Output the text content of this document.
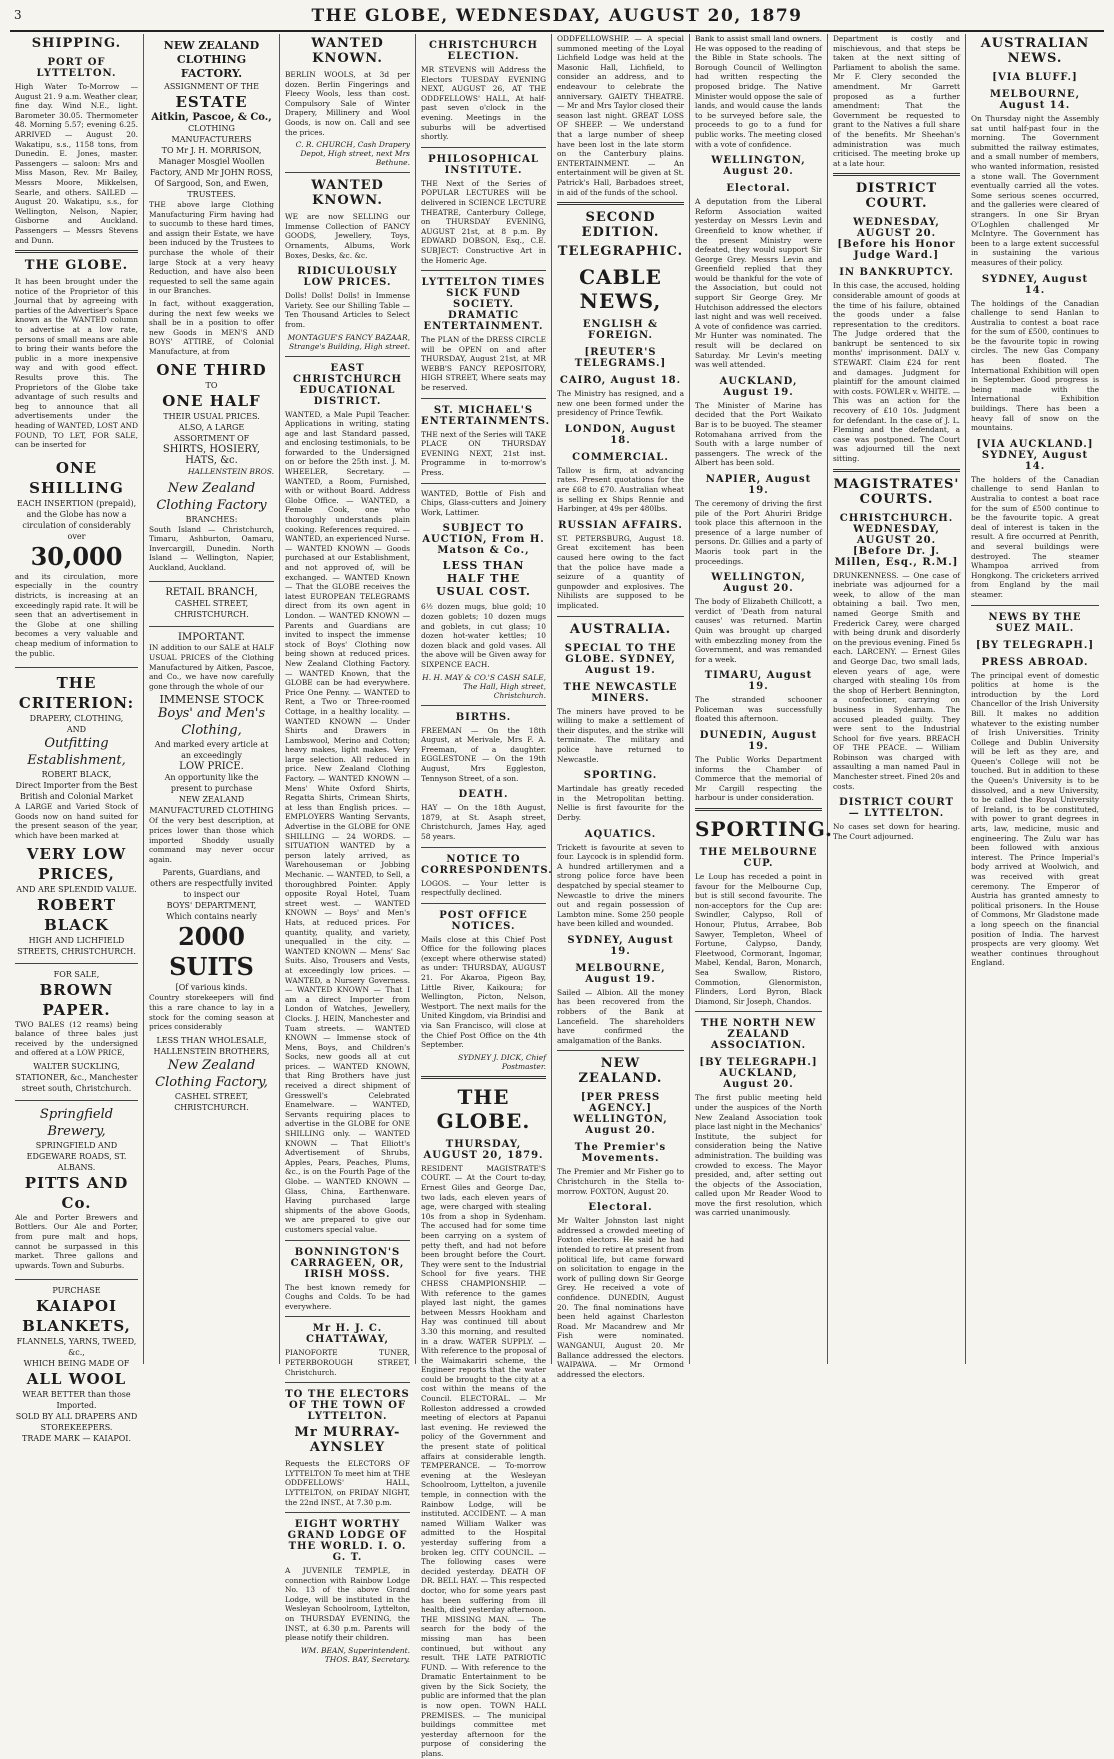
3	THE GLOBE, WEDNESDAY, AUGUST 20, 1879
SHIPPING.
PORT OF LYTTELTON.

High Water To-Morrow — August 21. 9 a.m. Weather clear, fine day. Wind N.E., light. Barometer 30.05. Thermometer 48. Morning 5.57; evening 6.25. ARRIVED — August 20. Wakatipu, s.s., 1158 tons, from Dunedin. E. Jones, master. Passengers — saloon: Mrs and Miss Mason, Rev. Mr Bailey, Messrs Moore, Mikkelsen, Searle, and others. SAILED — August 20. Wakatipu, s.s., for Wellington, Nelson, Napier, Gisborne and Auckland. Passengers — Messrs Stevens and Dunn.

THE GLOBE.

It has been brought under the notice of the Proprietor of this Journal that by agreeing with parties of the Advertiser's Space known as the WANTED column to advertise at a low rate, persons of small means are able to bring their wants before the public in a more inexpensive way and with good effect. Results prove this. The Proprietors of the Globe take advantage of such results and beg to announce that all advertisements under the heading of WANTED, LOST AND FOUND, TO LET, FOR SALE, can be inserted for

ONE SHILLING
EACH INSERTION (prepaid), and the Globe has now a circulation of considerably over
30,000

and its circulation, more especially in the country districts, is increasing at an exceedingly rapid rate. It will be seen that an advertisement in the Globe at one shilling becomes a very valuable and cheap medium of information to the public.

THE CRITERION:
DRAPERY, CLOTHING,
AND
Outfitting Establishment,
ROBERT BLACK,
Direct Importer from the Best British and Colonial Market

A LARGE and Varied Stock of Goods now on hand suited for the present season of the year, which have been marked at

VERY LOW PRICES,
AND ARE SPLENDID VALUE.
ROBERT BLACK
HIGH AND LICHFIELD STREETS, CHRISTCHURCH.
FOR SALE,
BROWN PAPER.

TWO BALES (12 reams) being balance of three bales just received by the undersigned and offered at a LOW PRICE,

WALTER SUCKLING,
STATIONER, &c., Manchester street south, Christchurch.
Springfield Brewery,
SPRINGFIELD AND EDGEWARE ROADS, ST. ALBANS.
PITTS AND Co.

Ale and Porter Brewers and Bottlers. Our Ale and Porter, from pure malt and hops, cannot be surpassed in this market. Three gallons and upwards. Town and Suburbs.

PURCHASE
KAIAPOI BLANKETS,
FLANNELS, YARNS, TWEED, &c.,
WHICH BEING MADE OF
ALL WOOL
WEAR BETTER than those Imported.
SOLD BY ALL DRAPERS AND STOREKEEPERS.
TRADE MARK — KAIAPOI.
NEW ZEALAND CLOTHING FACTORY.
ASSIGNMENT OF THE
ESTATE
Aitkin, Pascoe, & Co.,
CLOTHING MANUFACTURERS
TO Mr J. H. MORRISON, Manager Mosgiel Woollen Factory, AND Mr JOHN ROSS, Of Sargood, Son, and Ewen, TRUSTEES.

THE above large Clothing Manufacturing Firm having had to succumb to these hard times, and assign their Estate, we have been induced by the Trustees to purchase the whole of their large Stock at a very heavy Reduction, and have also been requested to sell the same again in our Branches.

In fact, without exaggeration, during the next few weeks we shall be in a position to offer new Goods in MEN'S AND BOYS' ATTIRE, of Colonial Manufacture, at from

ONE THIRD
TO
ONE HALF
THEIR USUAL PRICES.
ALSO, A LARGE ASSORTMENT OF
SHIRTS, HOSIERY, HATS, &c.
HALLENSTEIN BROS.
New Zealand Clothing Factory
BRANCHES:

South Island — Christchurch, Timaru, Ashburton, Oamaru, Invercargill, Dunedin. North Island — Wellington, Napier, Auckland, Auckland.

RETAIL BRANCH,
CASHEL STREET, CHRISTCHURCH.
IMPORTANT.

IN addition to our SALE at HALF USUAL PRICES of the Clothing Manufactured by Aitken, Pascoe, and Co., we have now carefully gone through the whole of our

IMMENSE STOCK
Boys' and Men's Clothing,
And marked every article at an exceedingly
LOW PRICE.
An opportunity like the present to purchase
NEW ZEALAND MANUFACTURED CLOTHING

Of the very best description, at prices lower than those which imported Shoddy usually command may never occur again.

Parents, Guardians, and others are respectfully invited to inspect our
BOYS' DEPARTMENT,
Which contains nearly
2000 SUITS
[Of various kinds.

Country storekeepers will find this a rare chance to lay in a stock for the coming season at prices considerably

LESS THAN WHOLESALE,
HALLENSTEIN BROTHERS,
New Zealand Clothing Factory,
CASHEL STREET, CHRISTCHURCH.
WANTED KNOWN.

BERLIN WOOLS, at 3d per dozen. Berlin Fingerings and Fleecy Wools, less than cost. Compulsory Sale of Winter Drapery, Millinery and Wool Goods, is now on. Call and see the prices.

C. R. CHURCH, Cash Drapery Depot, High street, next Mrs Bethune.
WANTED KNOWN.

WE are now SELLING our Immense Collection of FANCY GOODS, Jewellery, Toys, Ornaments, Albums, Work Boxes, Desks, &c. &c.

RIDICULOUSLY LOW PRICES.

Dolls! Dolls! Dolls! in Immense Variety. See our Shilling Table — Ten Thousand Articles to Select from.

MONTAGUE'S FANCY BAZAAR, Strange's Building, High street.
EAST CHRISTCHURCH EDUCATIONAL DISTRICT.

WANTED, a Male Pupil Teacher. Applications in writing, stating age and last Standard passed, and enclosing testimonials, to be forwarded to the Undersigned on or before the 25th inst. J. M. WHEELER, Secretary. — WANTED, a Room, Furnished, with or without Board. Address Globe Office. — WANTED, a Female Cook, one who thoroughly understands plain cooking. References required. — WANTED, an experienced Nurse. — WANTED KNOWN — Goods purchased at our Establishment, and not approved of, will be exchanged. — WANTED Known — That the GLOBE receives the latest EUROPEAN TELEGRAMS direct from its own agent in London. — WANTED KNOWN — Parents and Guardians are invited to inspect the immense stock of Boys' Clothing now being shown at reduced prices. New Zealand Clothing Factory. — WANTED Known, that the GLOBE can be had everywhere. Price One Penny. — WANTED to Rent, a Two or Three-roomed Cottage, in a healthy locality. — WANTED KNOWN — Under Shirts and Drawers in Lambswool, Merino and Cotton; heavy makes, light makes. Very large selection. All reduced in price. New Zealand Clothing Factory. — WANTED KNOWN — Mens' White Oxford Shirts, Regatta Shirts, Crimean Shirts, at less than English prices. — EMPLOYERS Wanting Servants, Advertise in the GLOBE for ONE SHILLING — 24 WORDS. — SITUATION WANTED by a person lately arrived, as Warehouseman or Jobbing Mechanic. — WANTED, to Sell, a thoroughbred Pointer. Apply opposite Royal Hotel, Tuam street west. — WANTED KNOWN — Boys' and Men's Hats, at reduced prices. For quantity, quality, and variety, unequalled in the city. — WANTED KNOWN — Mens' Sac Suits. Also, Trousers and Vests, at exceedingly low prices. — WANTED, a Nursery Governess. — WANTED KNOWN — That I am a direct Importer from London of Watches, Jewellery, Clocks. J. HEIN, Manchester and Tuam streets. — WANTED KNOWN — Immense stock of Mens, Boys, and Children's Socks, new goods all at cut prices. — WANTED KNOWN, that Ring Brothers have just received a direct shipment of Gresswell's Celebrated Enamelware. — WANTED, Servants requiring places to advertise in the GLOBE for ONE SHILLING only. — WANTED KNOWN — That Elliott's Advertisement of Shrubs, Apples, Pears, Peaches, Plums, &c., is on the Fourth Page of the Globe. — WANTED KNOWN — Glass, China, Earthenware. Having purchased large shipments of the above Goods, we are prepared to give our customers special value.

BONNINGTON'S CARRAGEEN, OR, IRISH MOSS.

The best known remedy for Coughs and Colds. To be had everywhere.

Mr H. J. C. CHATTAWAY,

PIANOFORTE TUNER, PETERBOROUGH STREET, Christchurch.

TO THE ELECTORS OF THE TOWN OF LYTTELTON.
Mr MURRAY-AYNSLEY

Requests the ELECTORS OF LYTTELTON To meet him at THE ODDFELLOWS' HALL, LYTTELTON, on FRIDAY NIGHT, the 22nd INST., At 7.30 p.m.

EIGHT WORTHY GRAND LODGE OF THE WORLD. I. O. G. T.

A JUVENILE TEMPLE, in connection with Rainbow Lodge No. 13 of the above Grand Lodge, will be instituted in the Wesleyan Schoolroom, Lyttelton, on THURSDAY EVENING, the INST., at 6.30 p.m. Parents will please notify their children.

WM. BEAN, Superintendent. THOS. BAY, Secretary.
CHRISTCHURCH ELECTION.

MR STEVENS will Address the Electors TUESDAY EVENING NEXT, AUGUST 26, AT THE ODDFELLOWS' HALL, At half-past seven o'clock in the evening. Meetings in the suburbs will be advertised shortly.

PHILOSOPHICAL INSTITUTE.

THE Next of the Series of POPULAR LECTURES will be delivered in SCIENCE LECTURE THEATRE, Canterbury College, on THURSDAY EVENING, AUGUST 21st, at 8 p.m. By EDWARD DOBSON, Esq., C.E. SUBJECT: Constructive Art in the Homeric Age.

LYTTELTON TIMES SICK FUND SOCIETY. DRAMATIC ENTERTAINMENT.

The PLAN of the DRESS CIRCLE will be OPEN on and after THURSDAY, August 21st, at MR WEBB'S FANCY REPOSITORY, HIGH STREET, Where seats may be reserved.

ST. MICHAEL'S ENTERTAINMENTS.

THE next of the Series will TAKE PLACE ON THURSDAY EVENING NEXT, 21st inst. Programme in to-morrow's Press.

WANTED, Bottle of Fish and Chips, Glass-cutters and Joinery Work, Lattimer.

SUBJECT TO AUCTION, From H. Matson & Co.,
LESS THAN HALF THE USUAL COST.

6½ dozen mugs, blue gold; 10 dozen goblets; 10 dozen mugs and goblets, in cut glass; 10 dozen hot-water kettles; 10 dozen black and gold vases. All the above will be Given away for SIXPENCE EACH.

H. H. MAY & CO.'S CASH SALE, The Hall, High street, Christchurch.
BIRTHS.

FREEMAN — On the 18th August, at Merivale, Mrs F. A. Freeman, of a daughter. EGGLESTONE — On the 19th August, Mrs Eggleston, Tennyson Street, of a son.

DEATH.

HAY — On the 18th August, 1879, at St. Asaph street, Christchurch, James Hay, aged 58 years.

NOTICE TO CORRESPONDENTS.

LOGOS. — Your letter is respectfully declined.

POST OFFICE NOTICES.

Mails close at this Chief Post Office for the following places (except where otherwise stated) as under: THURSDAY, AUGUST 21. For Akaroa, Pigeon Bay, Little River, Kaikoura; for Wellington, Picton, Nelson, Westport. The next mails for the United Kingdom, via Brindisi and via San Francisco, will close at the Chief Post Office on the 4th September.

SYDNEY J. DICK, Chief Postmaster.
THE GLOBE.
THURSDAY, AUGUST 20, 1879.

RESIDENT MAGISTRATE'S COURT. — At the Court to-day, Ernest Giles and George Dac, two lads, each eleven years of age, were charged with stealing 10s from a shop in Sydenham. The accused had for some time been carrying on a system of petty theft, and had not before been brought before the Court. They were sent to the Industrial School for five years. THE CHESS CHAMPIONSHIP. — With reference to the games played last night, the games between Messrs Hookham and Hay was continued till about 3.30 this morning, and resulted in a draw. WATER SUPPLY. — With reference to the proposal of the Waimakariri scheme, the Engineer reports that the water could be brought to the city at a cost within the means of the Council. ELECTORAL. — Mr Rolleston addressed a crowded meeting of electors at Papanui last evening. He reviewed the policy of the Government and the present state of political affairs at considerable length. TEMPERANCE. — To-morrow evening at the Wesleyan Schoolroom, Lyttelton, a juvenile temple, in connection with the Rainbow Lodge, will be instituted. ACCIDENT. — A man named William Walker was admitted to the Hospital yesterday suffering from a broken leg. CITY COUNCIL. — The following cases were decided yesterday. DEATH OF DR. BELL HAY. — This respected doctor, who for some years past has been suffering from ill health, died yesterday afternoon. THE MISSING MAN. — The search for the body of the missing man has been continued, but without any result. THE LATE PATRIOTIC FUND. — With reference to the Dramatic Entertainment to be given by the Sick Society, the public are informed that the plan is now open. TOWN HALL PREMISES. — The municipal buildings committee met yesterday afternoon for the purpose of considering the plans.

ODDFELLOWSHIP. — A special summoned meeting of the Loyal Lichfield Lodge was held at the Masonic Hall, Lichfield, to consider an address, and to endeavour to celebrate the anniversary. GAIETY THEATRE. — Mr and Mrs Taylor closed their season last night. GREAT LOSS OF SHEEP. — We understand that a large number of sheep have been lost in the late storm on the Canterbury plains. ENTERTAINMENT. — An entertainment will be given at St. Patrick's Hall, Barbadoes street, in aid of the funds of the school.

SECOND EDITION.
TELEGRAPHIC.
CABLE NEWS,
ENGLISH & FOREIGN.
[REUTER'S TELEGRAMS.]
CAIRO, August 18.

The Ministry has resigned, and a new one been formed under the presidency of Prince Tewfik.

LONDON, August 18.
COMMERCIAL.

Tallow is firm, at advancing rates. Present quotations for the are £68 to £70. Australian wheat is selling ex Ships Rennie and Harbinger, at 49s per 480lbs.

RUSSIAN AFFAIRS.

ST. PETERSBURG, August 18. Great excitement has been caused here owing to the fact that the police have made a seizure of a quantity of gunpowder and explosives. The Nihilists are supposed to be implicated.

AUSTRALIA.
SPECIAL TO THE GLOBE. SYDNEY, August 19.
THE NEWCASTLE MINERS.

The miners have proved to be willing to make a settlement of their disputes, and the strike will terminate. The military and police have returned to Newcastle.

SPORTING.

Martindale has greatly receded in the Metropolitan betting. Nellie is first favourite for the Derby.

AQUATICS.

Trickett is favourite at seven to four. Laycock is in splendid form. A hundred artillerymen and a strong police force have been despatched by special steamer to Newcastle to drive the miners out and regain possession of Lambton mine. Some 250 people have been killed and wounded.

SYDNEY, August 19.
MELBOURNE, August 19.

Sailed — Albion. All the money has been recovered from the robbers of the Bank at Lancefield. The shareholders have confirmed the amalgamation of the Banks.

NEW ZEALAND.
[PER PRESS AGENCY.] WELLINGTON, August 20.
The Premier's Movements.

The Premier and Mr Fisher go to Christchurch in the Stella to-morrow. FOXTON, August 20.

Electoral.

Mr Walter Johnston last night addressed a crowded meeting of Foxton electors. He said he had intended to retire at present from political life, but came forward on solicitation to engage in the work of pulling down Sir George Grey. He received a vote of confidence. DUNEDIN, August 20. The final nominations have been held against Charleston Road. Mr Macandrew and Mr Fish were nominated. WANGANUI, August 20. Mr Ballance addressed the electors. WAIPAWA. — Mr Ormond addressed the electors.

Bank to assist small land owners. He was opposed to the reading of the Bible in State schools. The Borough Council of Wellington had written respecting the proposed bridge. The Native Minister would oppose the sale of lands, and would cause the lands to be surveyed before sale, the proceeds to go to a fund for public works. The meeting closed with a vote of confidence.

WELLINGTON, August 20.
Electoral.

A deputation from the Liberal Reform Association waited yesterday on Messrs Levin and Greenfield to know whether, if the present Ministry were defeated, they would support Sir George Grey. Messrs Levin and Greenfield replied that they would be thankful for the vote of the Association, but could not support Sir George Grey. Mr Hutchison addressed the electors last night and was well received. A vote of confidence was carried. Mr Hunter was nominated. The result will be declared on Saturday. Mr Levin's meeting was well attended.

AUCKLAND, August 19.

The Minister of Marine has decided that the Port Waikato Bar is to be buoyed. The steamer Rotomahana arrived from the South with a large number of passengers. The wreck of the Albert has been sold.

NAPIER, August 19.

The ceremony of driving the first pile of the Port Ahuriri Bridge took place this afternoon in the presence of a large number of persons. Dr. Gillies and a party of Maoris took part in the proceedings.

WELLINGTON, August 20.

The body of Elizabeth Chillcott, a verdict of 'Death from natural causes' was returned. Martin Quin was brought up charged with embezzling money from the Government, and was remanded for a week.

TIMARU, August 19.

The stranded schooner Policeman was successfully floated this afternoon.

DUNEDIN, August 19.

The Public Works Department informs the Chamber of Commerce that the memorial of Mr Cargill respecting the harbour is under consideration.

SPORTING.
THE MELBOURNE CUP.

Le Loup has receded a point in favour for the Melbourne Cup, but is still second favourite. The non-acceptors for the Cup are: Swindler, Calypso, Roll of Honour, Plutus, Arrabee, Bob Sawyer, Templeton, Wheel of Fortune, Calypso, Dandy, Fleetwood, Cormorant, Ingomar, Mabel, Kendal, Baron, Monarch, Sea Swallow, Ristoro, Commotion, Glenormiston, Flinders, Lord Byron, Black Diamond, Sir Joseph, Chandos.

THE NORTH NEW ZEALAND ASSOCIATION.
[BY TELEGRAPH.] AUCKLAND, August 20.

The first public meeting held under the auspices of the North New Zealand Association took place last night in the Mechanics' Institute, the subject for consideration being the Native administration. The building was crowded to excess. The Mayor presided, and, after setting out the objects of the Association, called upon Mr Reader Wood to move the first resolution, which was carried unanimously.

Department is costly and mischievous, and that steps be taken at the next sitting of Parliament to abolish the same. Mr F. Clery seconded the amendment. Mr Garrett proposed as a further amendment: That the Government be requested to grant to the Natives a full share of the benefits. Mr Sheehan's administration was much criticised. The meeting broke up at a late hour.

DISTRICT COURT.
WEDNESDAY, AUGUST 20. [Before his Honor Judge Ward.]
IN BANKRUPTCY.

In this case, the accused, holding considerable amount of goods at the time of his failure, obtained the goods under a false representation to the creditors. The Judge ordered that the bankrupt be sentenced to six months' imprisonment. DALY v. STEWART. Claim £24 for rent and damages. Judgment for plaintiff for the amount claimed with costs. FOWLER v. WHITE. — This was an action for the recovery of £10 10s. Judgment for defendant. In the case of J. L. Fleming and the defendant, a case was postponed. The Court was adjourned till the next sitting.

MAGISTRATES' COURTS.
CHRISTCHURCH. WEDNESDAY, AUGUST 20. [Before Dr. J. Millen, Esq., R.M.]

DRUNKENNESS. — One case of inebriate was adjourned for a week, to allow of the man obtaining a bail. Two men, named George Smith and Frederick Carey, were charged with being drunk and disorderly on the previous evening. Fined 5s each. LARCENY. — Ernest Giles and George Dac, two small lads, eleven years of age, were charged with stealing 10s from the shop of Herbert Bennington, a confectioner, carrying on business in Sydenham. The accused pleaded guilty. They were sent to the Industrial School for five years. BREACH OF THE PEACE. — William Robinson was charged with assaulting a man named Paul in Manchester street. Fined 20s and costs.

DISTRICT COURT — LYTTELTON.

No cases set down for hearing. The Court adjourned.

AUSTRALIAN NEWS.
[VIA BLUFF.]
MELBOURNE, August 14.

On Thursday night the Assembly sat until half-past four in the morning. The Government submitted the railway estimates, and a small number of members, who wanted information, resisted a stone wall. The Government eventually carried all the votes. Some serious scenes occurred, and the galleries were cleared of strangers. In one Sir Bryan O'Loghlen challenged Mr McIntyre. The Government has been to a large extent successful in sustaining the various measures of their policy.

SYDNEY, August 14.

The holdings of the Canadian challenge to send Hanlan to Australia to contest a boat race for the sum of £500, continues to be the favourite topic in rowing circles. The new Gas Company has been floated. The International Exhibition will open in September. Good progress is being made with the International Exhibition buildings. There has been a heavy fall of snow on the mountains.

[VIA AUCKLAND.] SYDNEY, August 14.

The holders of the Canadian challenge to send Hanlan to Australia to contest a boat race for the sum of £500 continue to be the favourite topic. A great deal of interest is taken in the result. A fire occurred at Penrith, and several buildings were destroyed. The steamer Whampoa arrived from Hongkong. The cricketers arrived from England by the mail steamer.

NEWS BY THE SUEZ MAIL.
[BY TELEGRAPH.]
PRESS ABROAD.

The principal event of domestic politics at home is the introduction by the Lord Chancellor of the Irish University Bill. It makes no addition whatever to the existing number of Irish Universities. Trinity College and Dublin University will be left as they are, and Queen's College will not be touched. But in addition to these the Queen's University is to be dissolved, and a new University, to be called the Royal University of Ireland, is to be constituted, with power to grant degrees in arts, law, medicine, music and engineering. The Zulu war has been followed with anxious interest. The Prince Imperial's body arrived at Woolwich, and was received with great ceremony. The Emperor of Austria has granted amnesty to political prisoners. In the House of Commons, Mr Gladstone made a long speech on the financial position of India. The harvest prospects are very gloomy. Wet weather continues throughout England.
